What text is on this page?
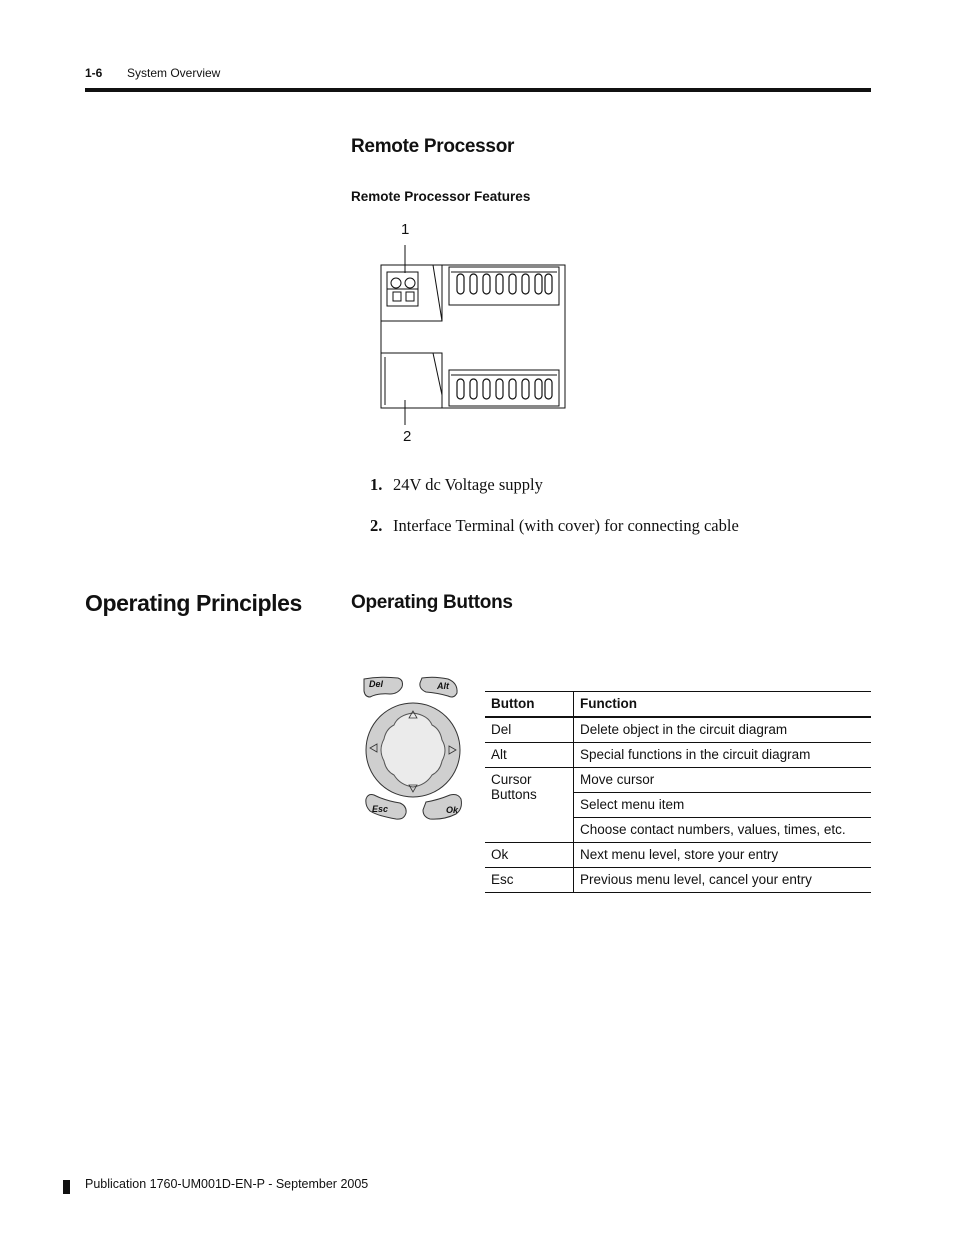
1-6 System Overview
Remote Processor
Remote Processor Features
1
2
1. 24V dc Voltage supply
2. Interface Terminal (with cover) for connecting cable
Operating Principles	Operating Buttons
Del	Alt
Esc	Ok
Button	Function
Del	Delete object in the circuit diagram
Alt	Special functions in the circuit diagram
Cursor Buttons	Move cursor
	Select menu item
	Choose contact numbers, values, times, etc.
Ok	Next menu level, store your entry
Esc	Previous menu level, cancel your entry
Publication 1760-UM001D-EN-P - September 2005
